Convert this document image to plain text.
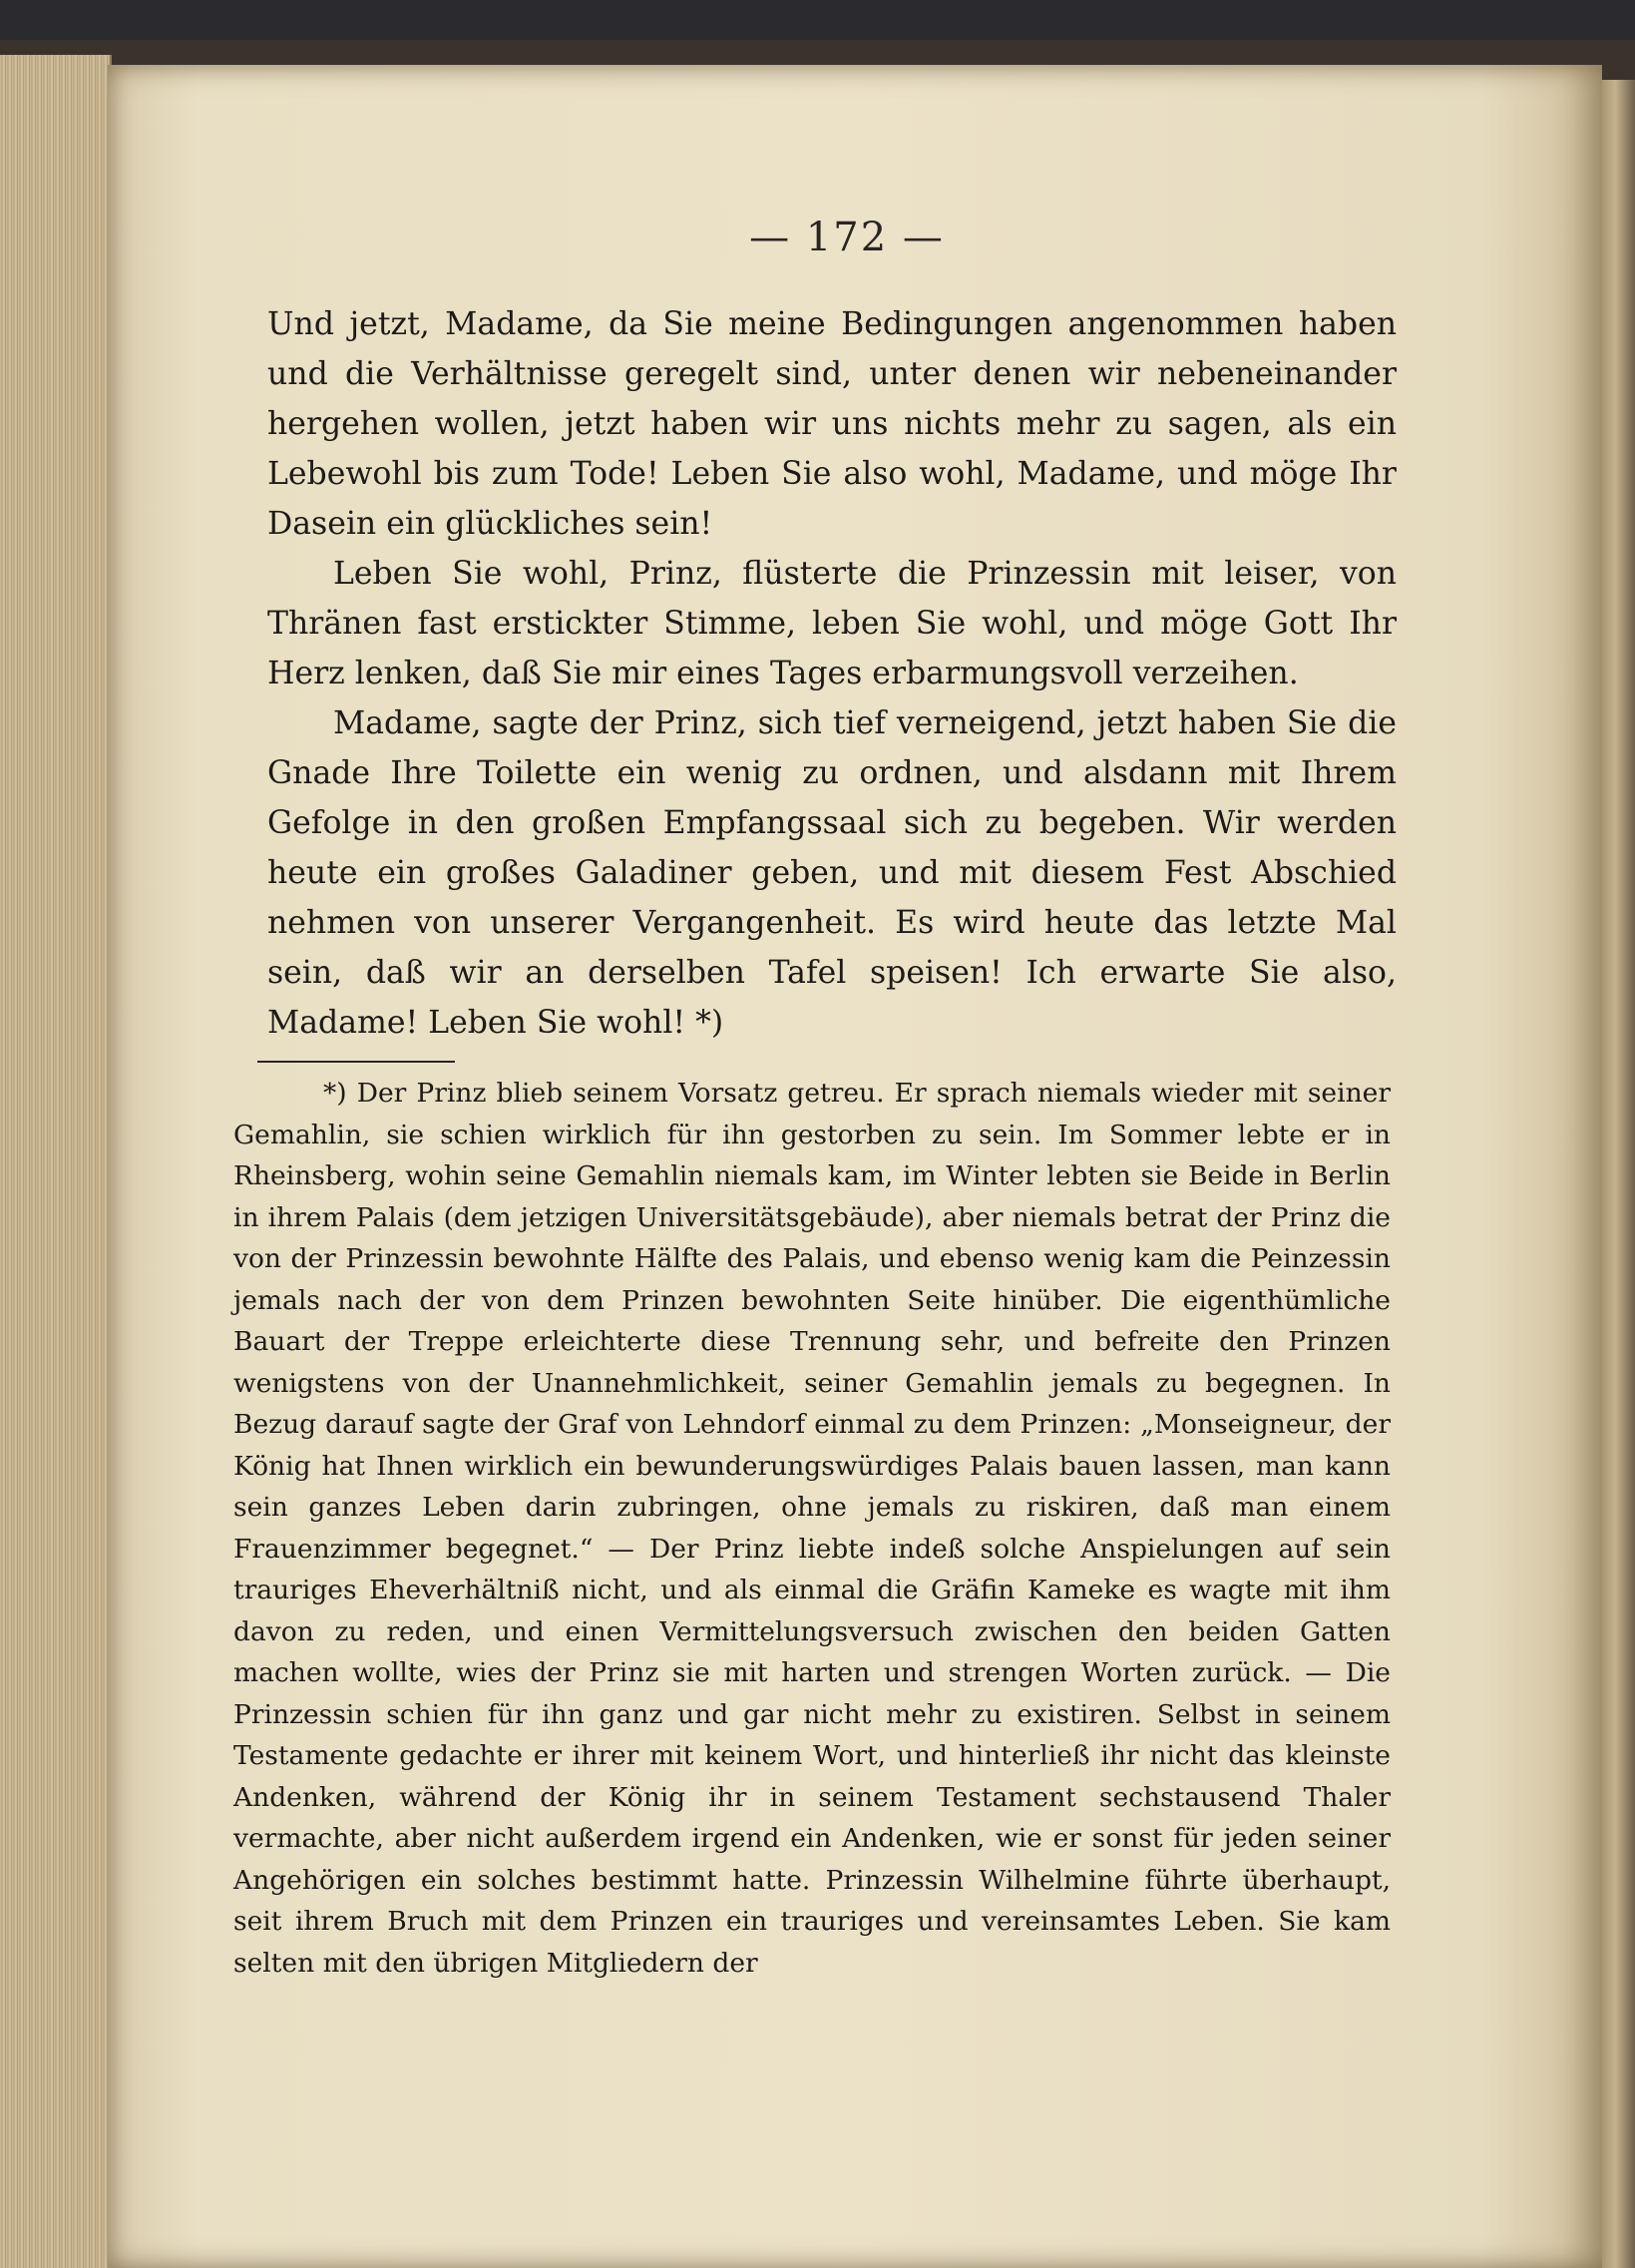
— 172 —

Und jetzt, Madame, da Sie meine Bedingungen angenommen haben und die Verhältnisse geregelt sind, unter denen wir nebeneinander hergehen wollen, jetzt haben wir uns nichts mehr zu sagen, als ein Lebewohl bis zum Tode! Leben Sie also wohl, Madame, und möge Ihr Dasein ein glückliches sein!

Leben Sie wohl, Prinz, flüsterte die Prinzessin mit leiser, von Thränen fast erstickter Stimme, leben Sie wohl, und möge Gott Ihr Herz lenken, daß Sie mir eines Tages erbarmungsvoll verzeihen.

Madame, sagte der Prinz, sich tief verneigend, jetzt haben Sie die Gnade Ihre Toilette ein wenig zu ordnen, und alsdann mit Ihrem Gefolge in den großen Empfangssaal sich zu begeben. Wir werden heute ein großes Galadiner geben, und mit diesem Fest Abschied nehmen von unserer Vergangenheit. Es wird heute das letzte Mal sein, daß wir an derselben Tafel speisen! Ich erwarte Sie also, Madame! Leben Sie wohl! *)

*) Der Prinz blieb seinem Vorsatz getreu. Er sprach niemals wieder mit seiner Gemahlin, sie schien wirklich für ihn gestorben zu sein. Im Sommer lebte er in Rheinsberg, wohin seine Gemahlin niemals kam, im Winter lebten sie Beide in Berlin in ihrem Palais (dem jetzigen Universitätsgebäude), aber niemals betrat der Prinz die von der Prinzessin bewohnte Hälfte des Palais, und ebenso wenig kam die Peinzessin jemals nach der von dem Prinzen bewohnten Seite hinüber. Die eigenthümliche Bauart der Treppe erleichterte diese Trennung sehr, und befreite den Prinzen wenigstens von der Unannehmlichkeit, seiner Gemahlin jemals zu begegnen. In Bezug darauf sagte der Graf von Lehndorf einmal zu dem Prinzen: „Monseigneur, der König hat Ihnen wirklich ein bewunderungswürdiges Palais bauen lassen, man kann sein ganzes Leben darin zubringen, ohne jemals zu riskiren, daß man einem Frauenzimmer begegnet.“ — Der Prinz liebte indeß solche Anspielungen auf sein trauriges Eheverhältniß nicht, und als einmal die Gräfin Kameke es wagte mit ihm davon zu reden, und einen Vermittelungsversuch zwischen den beiden Gatten machen wollte, wies der Prinz sie mit harten und strengen Worten zurück. — Die Prinzessin schien für ihn ganz und gar nicht mehr zu existiren. Selbst in seinem Testamente gedachte er ihrer mit keinem Wort, und hinterließ ihr nicht das kleinste Andenken, während der König ihr in seinem Testament sechstausend Thaler vermachte, aber nicht außerdem irgend ein Andenken, wie er sonst für jeden seiner Angehörigen ein solches bestimmt hatte. Prinzessin Wilhelmine führte überhaupt, seit ihrem Bruch mit dem Prinzen ein trauriges und vereinsamtes Leben. Sie kam selten mit den übrigen Mitgliedern der
